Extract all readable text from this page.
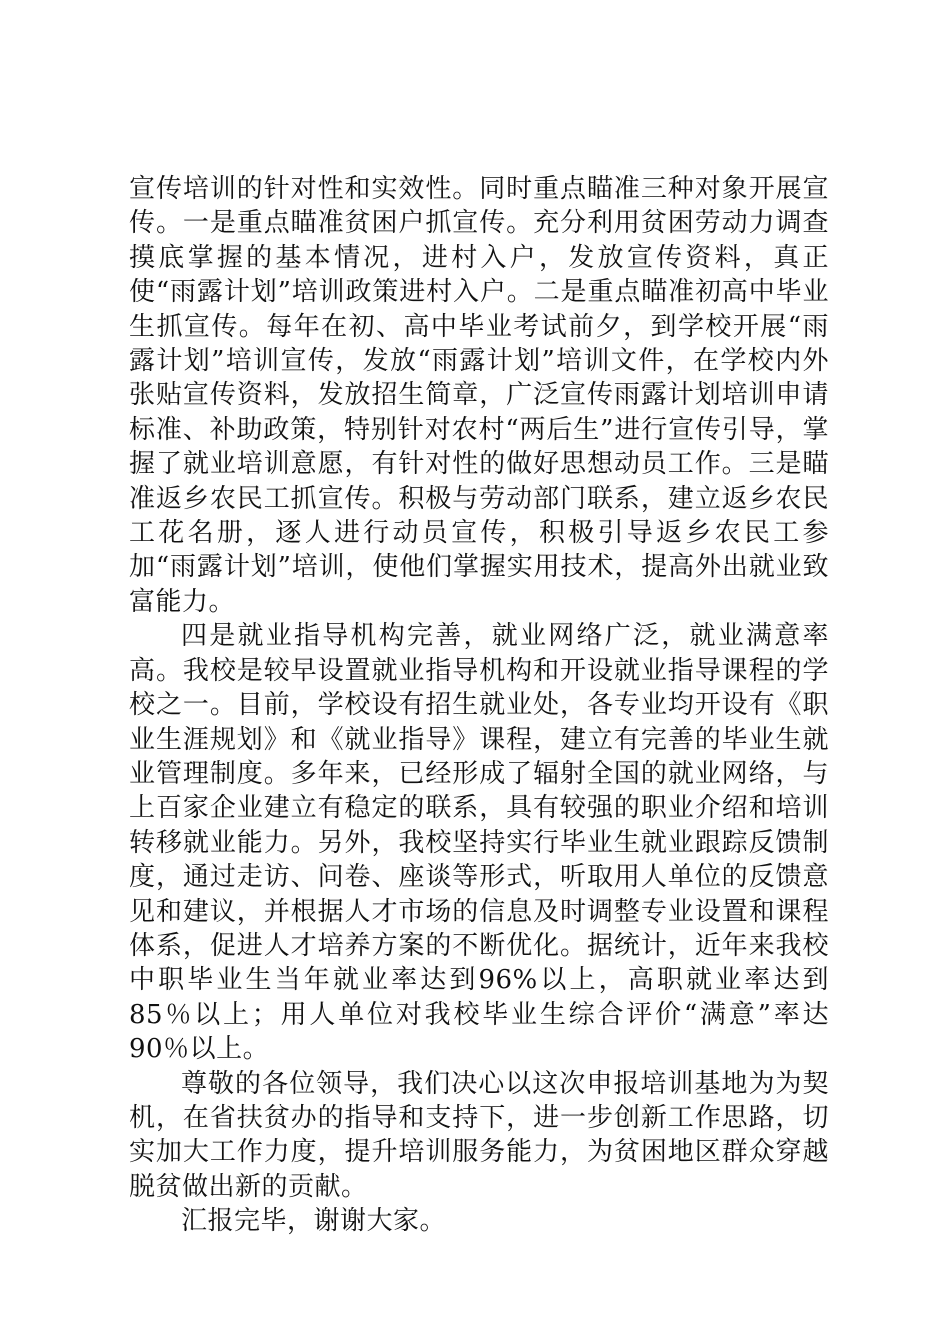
宣传培训的针对性和实效性。同时重点瞄准三种对象开展宣传。一是重点瞄准贫困户抓宣传。充分利用贫困劳动力调查摸底掌握的基本情况，进村入户，发放宣传资料，真正使“雨露计划”培训政策进村入户。二是重点瞄准初高中毕业生抓宣传。每年在初、高中毕业考试前夕，到学校开展“雨露计划”培训宣传，发放“雨露计划”培训文件，在学校内外张贴宣传资料，发放招生简章，广泛宣传雨露计划培训申请标准、补助政策，特别针对农村“两后生”进行宣传引导，掌握了就业培训意愿，有针对性的做好思想动员工作。三是瞄准返乡农民工抓宣传。积极与劳动部门联系，建立返乡农民工花名册，逐人进行动员宣传，积极引导返乡农民工参加“雨露计划”培训，使他们掌握实用技术，提高外出就业致富能力。

四是就业指导机构完善，就业网络广泛，就业满意率高。我校是较早设置就业指导机构和开设就业指导课程的学校之一。目前，学校设有招生就业处，各专业均开设有《职业生涯规划》和《就业指导》课程，建立有完善的毕业生就业管理制度。多年来，已经形成了辐射全国的就业网络，与上百家企业建立有稳定的联系，具有较强的职业介绍和培训转移就业能力。另外，我校坚持实行毕业生就业跟踪反馈制度，通过走访、问卷、座谈等形式，听取用人单位的反馈意见和建议，并根据人才市场的信息及时调整专业设置和课程体系，促进人才培养方案的不断优化。据统计，近年来我校中职毕业生当年就业率达到96%以上，高职就业率达到85％以上；用人单位对我校毕业生综合评价“满意”率达 90％以上。

尊敬的各位领导，我们决心以这次申报培训基地为为契机，在省扶贫办的指导和支持下，进一步创新工作思路，切实加大工作力度，提升培训服务能力，为贫困地区群众穿越脱贫做出新的贡献。

汇报完毕，谢谢大家。
